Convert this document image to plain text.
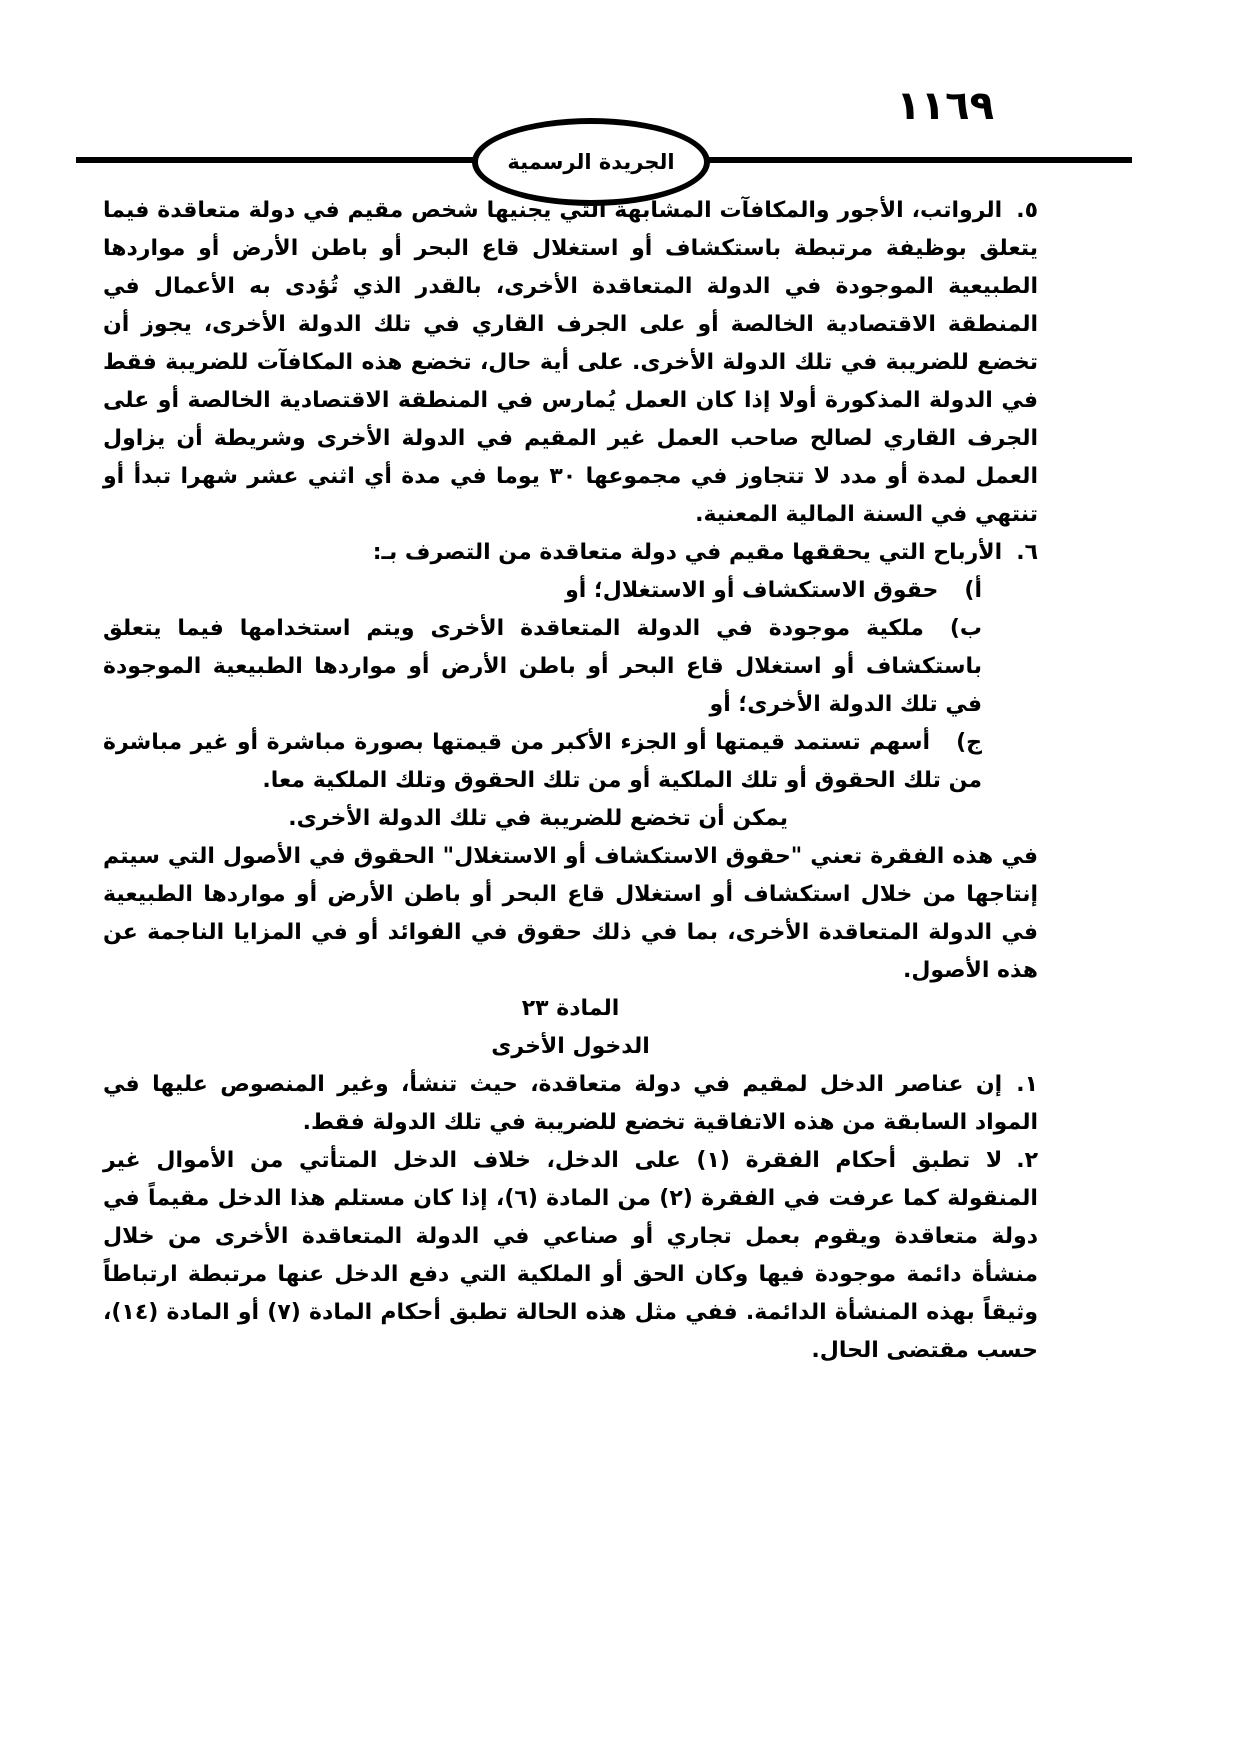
١١٦٩
الجريدة الرسمية

٥.الرواتب، الأجور والمكافآت المشابهة التي يجنيها شخص مقيم في دولة متعاقدة فيما يتعلق بوظيفة مرتبطة باستكشاف أو استغلال قاع البحر أو باطن الأرض أو مواردها الطبيعية الموجودة في الدولة المتعاقدة الأخرى، بالقدر الذي تُؤدى به الأعمال في المنطقة الاقتصادية الخالصة أو على الجرف القاري في تلك الدولة الأخرى، يجوز أن تخضع للضريبة في تلك الدولة الأخرى. على أية حال، تخضع هذه المكافآت للضريبة فقط في الدولة المذكورة أولا إذا كان العمل يُمارس في المنطقة الاقتصادية الخالصة أو على الجرف القاري لصالح صاحب العمل غير المقيم في الدولة الأخرى وشريطة أن يزاول العمل لمدة أو مدد لا تتجاوز في مجموعها ٣٠ يوما في مدة أي اثني عشر شهرا تبدأ أو تنتهي في السنة المالية المعنية.

٦.الأرباح التي يحققها مقيم في دولة متعاقدة من التصرف بـ:

أ)حقوق الاستكشاف أو الاستغلال؛ أو

ب)ملكية موجودة في الدولة المتعاقدة الأخرى ويتم استخدامها فيما يتعلق باستكشاف أو استغلال قاع البحر أو باطن الأرض أو مواردها الطبيعية الموجودة في تلك الدولة الأخرى؛ أو

ج)أسهم تستمد قيمتها أو الجزء الأكبر من قيمتها بصورة مباشرة أو غير مباشرة من تلك الحقوق أو تلك الملكية أو من تلك الحقوق وتلك الملكية معا.

يمكن أن تخضع للضريبة في تلك الدولة الأخرى.

في هذه الفقرة تعني "حقوق الاستكشاف أو الاستغلال" الحقوق في الأصول التي سيتم إنتاجها من خلال استكشاف أو استغلال قاع البحر أو باطن الأرض أو مواردها الطبيعية في الدولة المتعاقدة الأخرى، بما في ذلك حقوق في الفوائد أو في المزايا الناجمة عن هذه الأصول.

المادة ٢٣

الدخول الأخرى

١.إن عناصر الدخل لمقيم في دولة متعاقدة، حيث تنشأ، وغير المنصوص عليها في المواد السابقة من هذه الاتفاقية تخضع للضريبة في تلك الدولة فقط.

٢.لا تطبق أحكام الفقرة (١) على الدخل، خلاف الدخل المتأتي من الأموال غير المنقولة كما عرفت في الفقرة (٢) من المادة (٦)، إذا كان مستلم هذا الدخل مقيماً في دولة متعاقدة ويقوم بعمل تجاري أو صناعي في الدولة المتعاقدة الأخرى من خلال منشأة دائمة موجودة فيها وكان الحق أو الملكية التي دفع الدخل عنها مرتبطة ارتباطاً وثيقاً بهذه المنشأة الدائمة. ففي مثل هذه الحالة تطبق أحكام المادة (٧) أو المادة (١٤)، حسب مقتضى الحال.
